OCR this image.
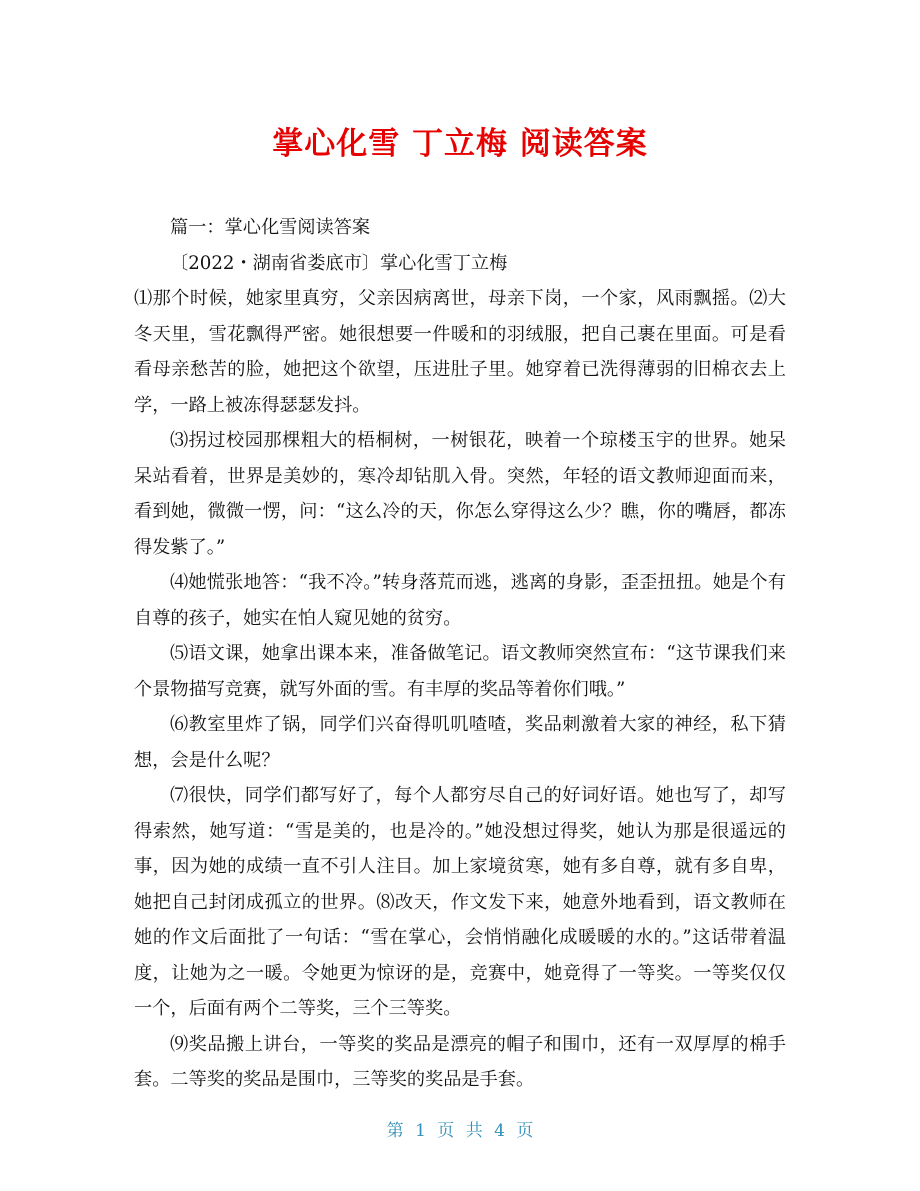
掌心化雪 丁立梅 阅读答案

篇一：掌心化雪阅读答案

〔2022・湖南省娄底市〕掌心化雪丁立梅

⑴那个时候，她家里真穷，父亲因病离世，母亲下岗，一个家，风雨飘摇。⑵大冬天里，雪花飘得严密。她很想要一件暖和的羽绒服，把自己裹在里面。可是看看母亲愁苦的脸，她把这个欲望，压进肚子里。她穿着已洗得薄弱的旧棉衣去上学，一路上被冻得瑟瑟发抖。

⑶拐过校园那棵粗大的梧桐树，一树银花，映着一个琼楼玉宇的世界。她呆呆站看着，世界是美妙的，寒冷却钻肌入骨。突然，年轻的语文教师迎面而来，看到她，微微一愣，问：“这么冷的天，你怎么穿得这么少？瞧，你的嘴唇，都冻得发紫了。”

⑷她慌张地答：“我不冷。”转身落荒而逃，逃离的身影，歪歪扭扭。她是个有自尊的孩子，她实在怕人窥见她的贫穷。

⑸语文课，她拿出课本来，准备做笔记。语文教师突然宣布：“这节课我们来个景物描写竞赛，就写外面的雪。有丰厚的奖品等着你们哦。”

⑹教室里炸了锅，同学们兴奋得叽叽喳喳，奖品刺激着大家的神经，私下猜想，会是什么呢？

⑺很快，同学们都写好了，每个人都穷尽自己的好词好语。她也写了，却写得索然，她写道：“雪是美的，也是冷的。”她没想过得奖，她认为那是很遥远的事，因为她的成绩一直不引人注目。加上家境贫寒，她有多自尊，就有多自卑，她把自己封闭成孤立的世界。⑻改天，作文发下来，她意外地看到，语文教师在她的作文后面批了一句话：“雪在掌心，会悄悄融化成暖暖的水的。”这话带着温度，让她为之一暖。令她更为惊讶的是，竞赛中，她竟得了一等奖。一等奖仅仅一个，后面有两个二等奖，三个三等奖。

⑼奖品搬上讲台，一等奖的奖品是漂亮的帽子和围巾，还有一双厚厚的棉手套。二等奖的奖品是围巾，三等奖的奖品是手套。

第 1 页 共 4 页
